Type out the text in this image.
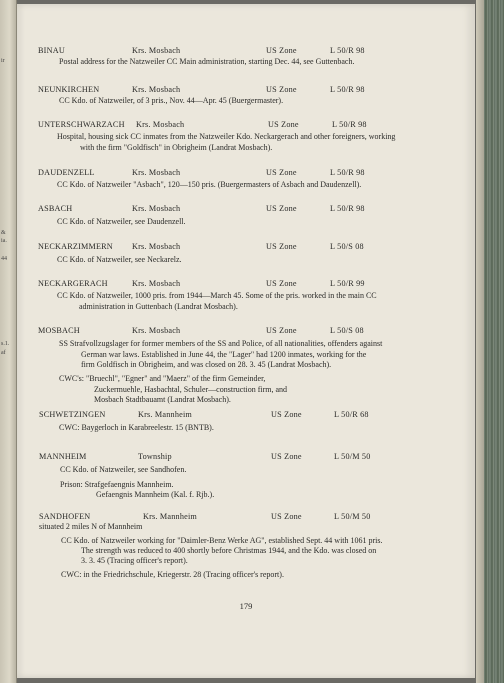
ir
&
ia.
44
s.1.
af
BINAU	Krs. Mosbach	US Zone	L 50/R 98
Postal address for the Natzweiler CC Main administration, starting Dec. 44, see Guttenbach.
NEUNKIRCHEN	Krs. Mosbach	US Zone	L 50/R 98
CC Kdo. of Natzweiler, of 3 pris., Nov. 44—Apr. 45 (Buergermaster).
UNTERSCHWARZACH Krs. Mosbach	US Zone	L 50/R 98
Hospital, housing sick CC inmates from the Natzweiler Kdo. Neckargerach and other foreigners, working
with the firm "Goldfisch" in Obrigheim (Landrat Mosbach).
DAUDENZELL	Krs. Mosbach	US Zone	L 50/R 98
CC Kdo. of Natzweiler "Asbach", 120—150 pris. (Buergermasters of Asbach and Daudenzell).
ASBACH	Krs. Mosbach	US Zone	L 50/R 98
CC Kdo. of Natzweiler, see Daudenzell.
NECKARZIMMERN Krs. Mosbach	US Zone	L 50/S 08
CC Kdo. of Natzweiler, see Neckarelz.
NECKARGERACH	Krs. Mosbach	US Zone	L 50/R 99
CC Kdo. of Natzweiler, 1000 pris. from 1944—March 45. Some of the pris. worked in the main CC
administration in Guttenbach (Landrat Mosbach).
MOSBACH	Krs. Mosbach	US Zone	L 50/S 08
SS Strafvollzugslager for former members of the SS and Police, of all nationalities, offenders against
German war laws. Established in June 44, the "Lager" had 1200 inmates, working for the
firm Goldfisch in Obrigheim, and was closed on 28. 3. 45 (Landrat Mosbach).
CWC's: "Bruechl", "Egner" and "Maerz" of the firm Gemeinder,
Zuckermuehle, Hasbachtal, Schuler—construction firm, and
Mosbach Stadtbauamt (Landrat Mosbach).
SCHWETZINGEN	Krs. Mannheim	US Zone	L 50/R 68
CWC: Baygerloch in Karabreelestr. 15 (BNTB).
MANNHEIM	Township	US Zone	L 50/M 50
CC Kdo. of Natzweiler, see Sandhofen.
Prison: Strafgefaengnis Mannheim.
Gefaengnis Mannheim (Kal. f. Rjb.).
SANDHOFEN	Krs. Mannheim	US Zone	L 50/M 50
situated 2 miles N of Mannheim
CC Kdo. of Natzweiler working for "Daimler-Benz Werke AG", established Sept. 44 with 1061 pris.
The strength was reduced to 400 shortly before Christmas 1944, and the Kdo. was closed on
3. 3. 45 (Tracing officer's report).
CWC: in the Friedrichschule, Kriegerstr. 28 (Tracing officer's report).
179
